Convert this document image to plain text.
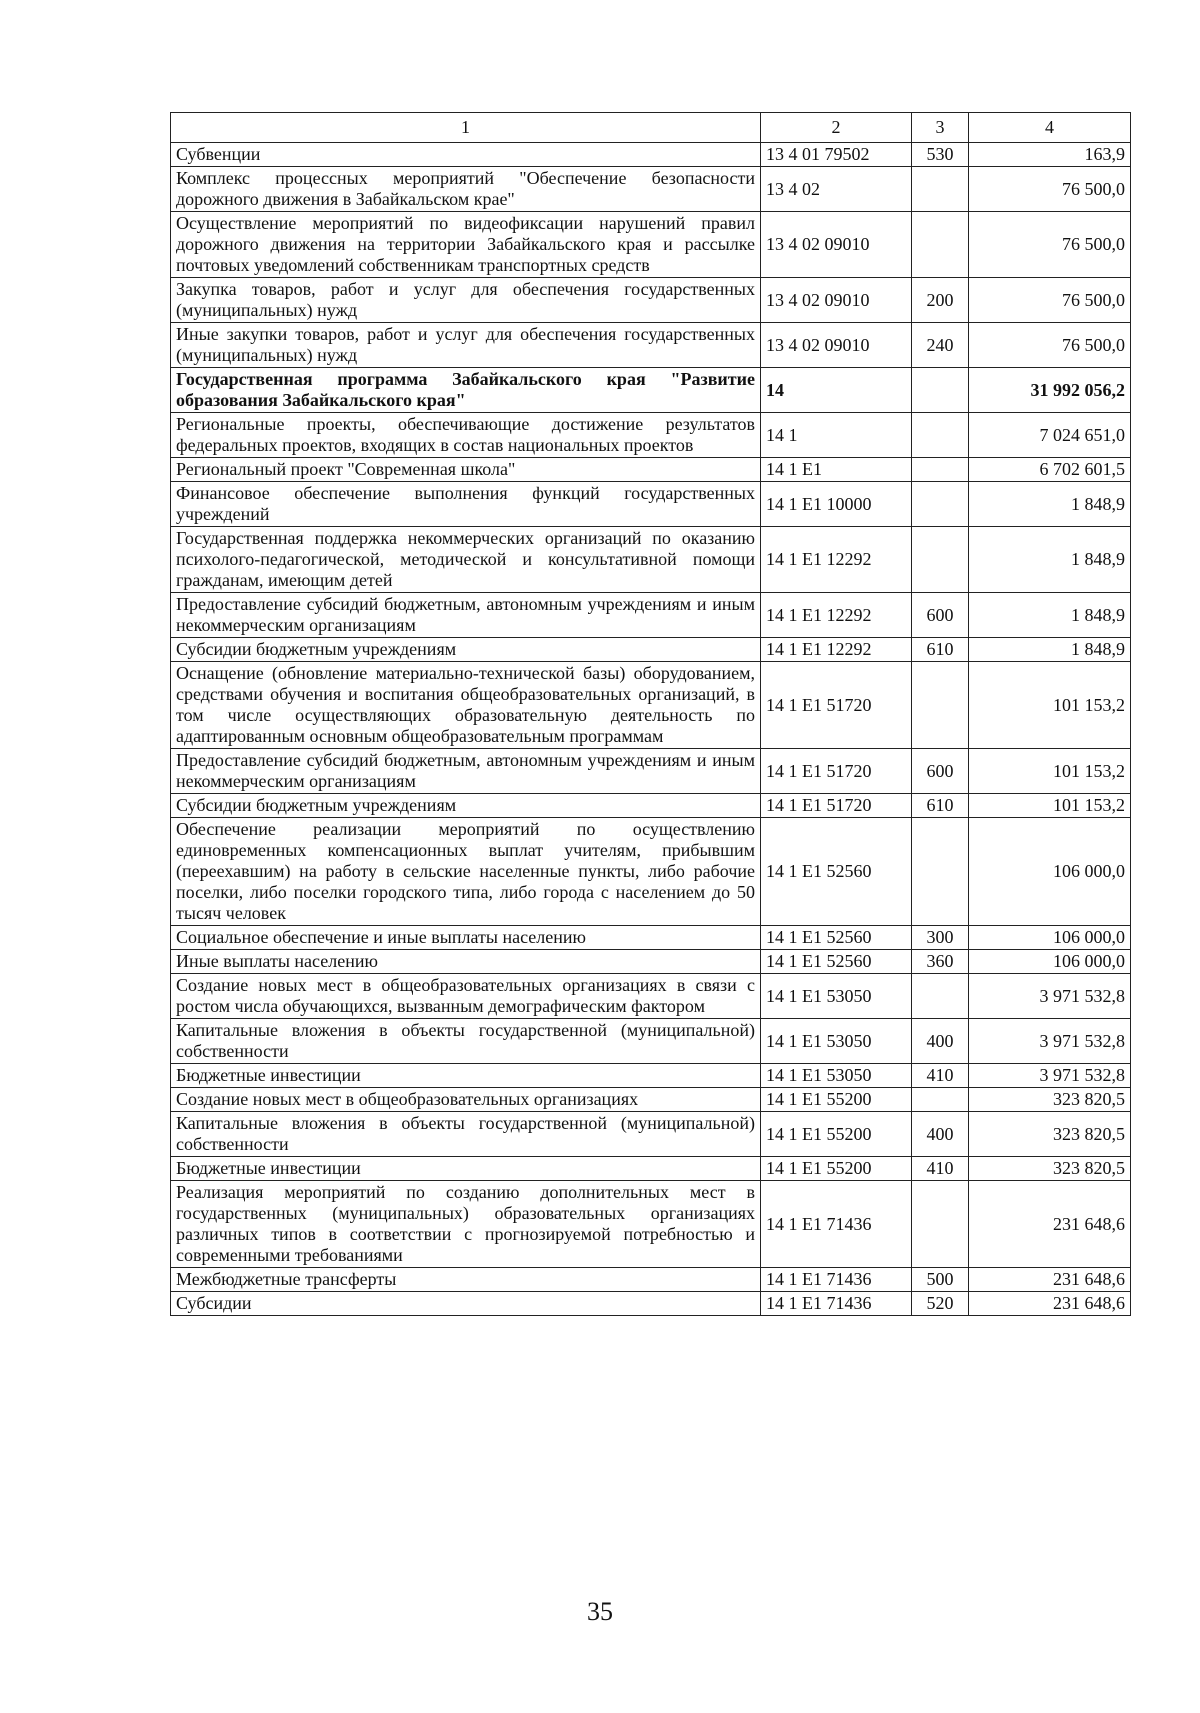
1	2	3	4
Субвенции	13 4 01 79502	530	163,9
Комплекс процессных мероприятий "Обеспечение безопасности дорожного движения в Забайкальском крае"	13 4 02		76 500,0
Осуществление мероприятий по видеофиксации нарушений правил дорожного движения на территории Забайкальского края и рассылке почтовых уведомлений собственникам транспортных средств	13 4 02 09010		76 500,0
Закупка товаров, работ и услуг для обеспечения государственных (муниципальных) нужд	13 4 02 09010	200	76 500,0
Иные закупки товаров, работ и услуг для обеспечения государственных (муниципальных) нужд	13 4 02 09010	240	76 500,0
Государственная программа Забайкальского края "Развитие образования Забайкальского края"	14		31 992 056,2
Региональные проекты, обеспечивающие достижение результатов федеральных проектов, входящих в состав национальных проектов	14 1		7 024 651,0
Региональный проект "Современная школа"	14 1 E1		6 702 601,5
Финансовое обеспечение выполнения функций государственных учреждений	14 1 E1 10000		1 848,9
Государственная поддержка некоммерческих организаций по оказанию психолого-педагогической, методической и консультативной помощи гражданам, имеющим детей	14 1 E1 12292		1 848,9
Предоставление субсидий бюджетным, автономным учреждениям и иным некоммерческим организациям	14 1 E1 12292	600	1 848,9
Субсидии бюджетным учреждениям	14 1 E1 12292	610	1 848,9
Оснащение (обновление материально-технической базы) оборудованием, средствами обучения и воспитания общеобразовательных организаций, в том числе осуществляющих образовательную деятельность по адаптированным основным общеобразовательным программам	14 1 E1 51720		101 153,2
Предоставление субсидий бюджетным, автономным учреждениям и иным некоммерческим организациям	14 1 E1 51720	600	101 153,2
Субсидии бюджетным учреждениям	14 1 E1 51720	610	101 153,2
Обеспечение реализации мероприятий по осуществлению единовременных компенсационных выплат учителям, прибывшим (переехавшим) на работу в сельские населенные пункты, либо рабочие поселки, либо поселки городского типа, либо города с населением до 50 тысяч человек	14 1 E1 52560		106 000,0
Социальное обеспечение и иные выплаты населению	14 1 E1 52560	300	106 000,0
Иные выплаты населению	14 1 E1 52560	360	106 000,0
Создание новых мест в общеобразовательных организациях в связи с ростом числа обучающихся, вызванным демографическим фактором	14 1 E1 53050		3 971 532,8
Капитальные вложения в объекты государственной (муниципальной) собственности	14 1 E1 53050	400	3 971 532,8
Бюджетные инвестиции	14 1 E1 53050	410	3 971 532,8
Создание новых мест в общеобразовательных организациях	14 1 E1 55200		323 820,5
Капитальные вложения в объекты государственной (муниципальной) собственности	14 1 E1 55200	400	323 820,5
Бюджетные инвестиции	14 1 E1 55200	410	323 820,5
Реализация мероприятий по созданию дополнительных мест в государственных (муниципальных) образовательных организациях различных типов в соответствии с прогнозируемой потребностью и современными требованиями	14 1 E1 71436		231 648,6
Межбюджетные трансферты	14 1 E1 71436	500	231 648,6
Субсидии	14 1 E1 71436	520	231 648,6
35
